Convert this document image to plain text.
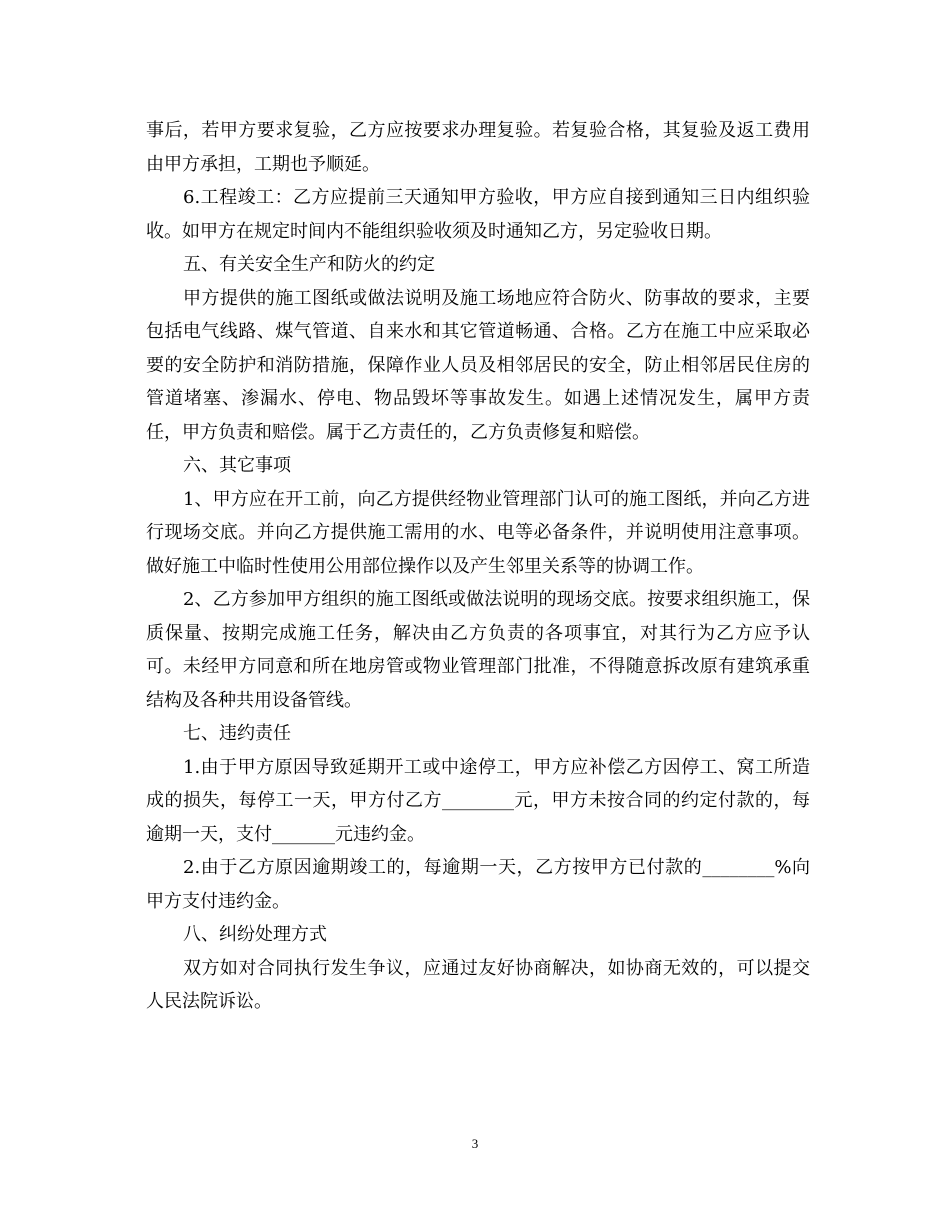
事后，若甲方要求复验，乙方应按要求办理复验。若复验合格，其复验及返工费用由甲方承担，工期也予顺延。

6.工程竣工：乙方应提前三天通知甲方验收，甲方应自接到通知三日内组织验收。如甲方在规定时间内不能组织验收须及时通知乙方，另定验收日期。

五、有关安全生产和防火的约定

甲方提供的施工图纸或做法说明及施工场地应符合防火、防事故的要求，主要包括电气线路、煤气管道、自来水和其它管道畅通、合格。乙方在施工中应采取必要的安全防护和消防措施，保障作业人员及相邻居民的安全，防止相邻居民住房的管道堵塞、渗漏水、停电、物品毁坏等事故发生。如遇上述情况发生，属甲方责任，甲方负责和赔偿。属于乙方责任的，乙方负责修复和赔偿。

六、其它事项

1、甲方应在开工前，向乙方提供经物业管理部门认可的施工图纸，并向乙方进行现场交底。并向乙方提供施工需用的水、电等必备条件，并说明使用注意事项。做好施工中临时性使用公用部位操作以及产生邻里关系等的协调工作。

2、乙方参加甲方组织的施工图纸或做法说明的现场交底。按要求组织施工，保质保量、按期完成施工任务，解决由乙方负责的各项事宜，对其行为乙方应予认可。未经甲方同意和所在地房管或物业管理部门批准，不得随意拆改原有建筑承重结构及各种共用设备管线。

七、违约责任

1.由于甲方原因导致延期开工或中途停工，甲方应补偿乙方因停工、窝工所造成的损失，每停工一天，甲方付乙方________元，甲方未按合同的约定付款的，每逾期一天，支付_______元违约金。

2.由于乙方原因逾期竣工的，每逾期一天，乙方按甲方已付款的________%向甲方支付违约金。

八、纠纷处理方式

双方如对合同执行发生争议，应通过友好协商解决，如协商无效的，可以提交人民法院诉讼。

3
